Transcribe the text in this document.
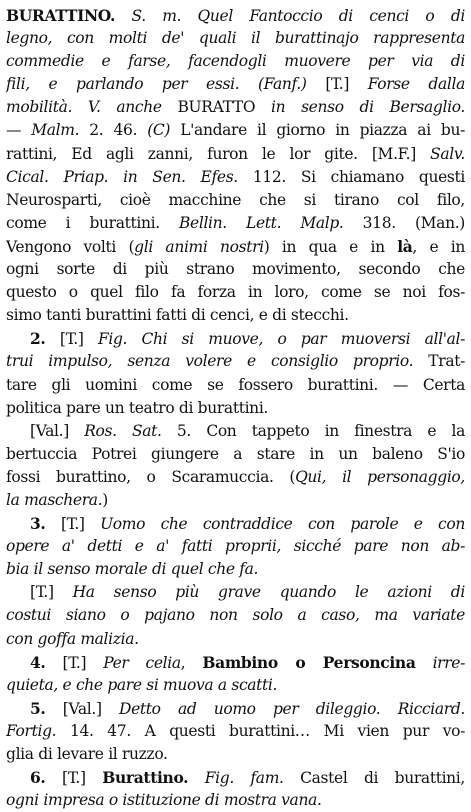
BURATTINO. S. m. Quel Fantoccio di cenci o di
legno, con molti de' quali il burattinajo rappresenta
commedie e farse, facendogli muovere per via di
fili, e parlando per essi. (Fanf.) [T.] Forse dalla
mobilità. V. anche BURATTO in senso di Bersaglio.
— Malm. 2. 46. (C) L'andare il giorno in piazza ai bu-
rattini, Ed agli zanni, furon le lor gite. [M.F.] Salv.
Cical. Priap. in Sen. Efes. 112. Si chiamano questi
Neurosparti, cioè macchine che si tirano col filo,
come i burattini. Bellin. Lett. Malp. 318. (Man.)
Vengono volti (gli animi nostri) in qua e in là, e in
ogni sorte di più strano movimento, secondo che
questo o quel filo fa forza in loro, come se noi fos-
simo tanti burattini fatti di cenci, e di stecchi.
2. [T.] Fig. Chi si muove, o par muoversi all'al-
trui impulso, senza volere e consiglio proprio. Trat-
tare gli uomini come se fossero burattini. — Certa
politica pare un teatro di burattini.
[Val.] Ros. Sat. 5. Con tappeto in finestra e la
bertuccia Potrei giungere a stare in un baleno S'io
fossi burattino, o Scaramuccia. (Qui, il personaggio,
la maschera.)
3. [T.] Uomo che contraddice con parole e con
opere a' detti e a' fatti proprii, sicché pare non ab-
bia il senso morale di quel che fa.
[T.] Ha senso più grave quando le azioni di
costui siano o pajano non solo a caso, ma variate
con goffa malizia.
4. [T.] Per celia, Bambino o Personcina irre-
quieta, e che pare si muova a scatti.
5. [Val.] Detto ad uomo per dileggio. Ricciard.
Fortig. 14. 47. A questi burattini… Mi vien pur vo-
glia di levare il ruzzo.
6. [T.] Burattino. Fig. fam. Castel di burattini,
ogni impresa o istituzione di mostra vana.
